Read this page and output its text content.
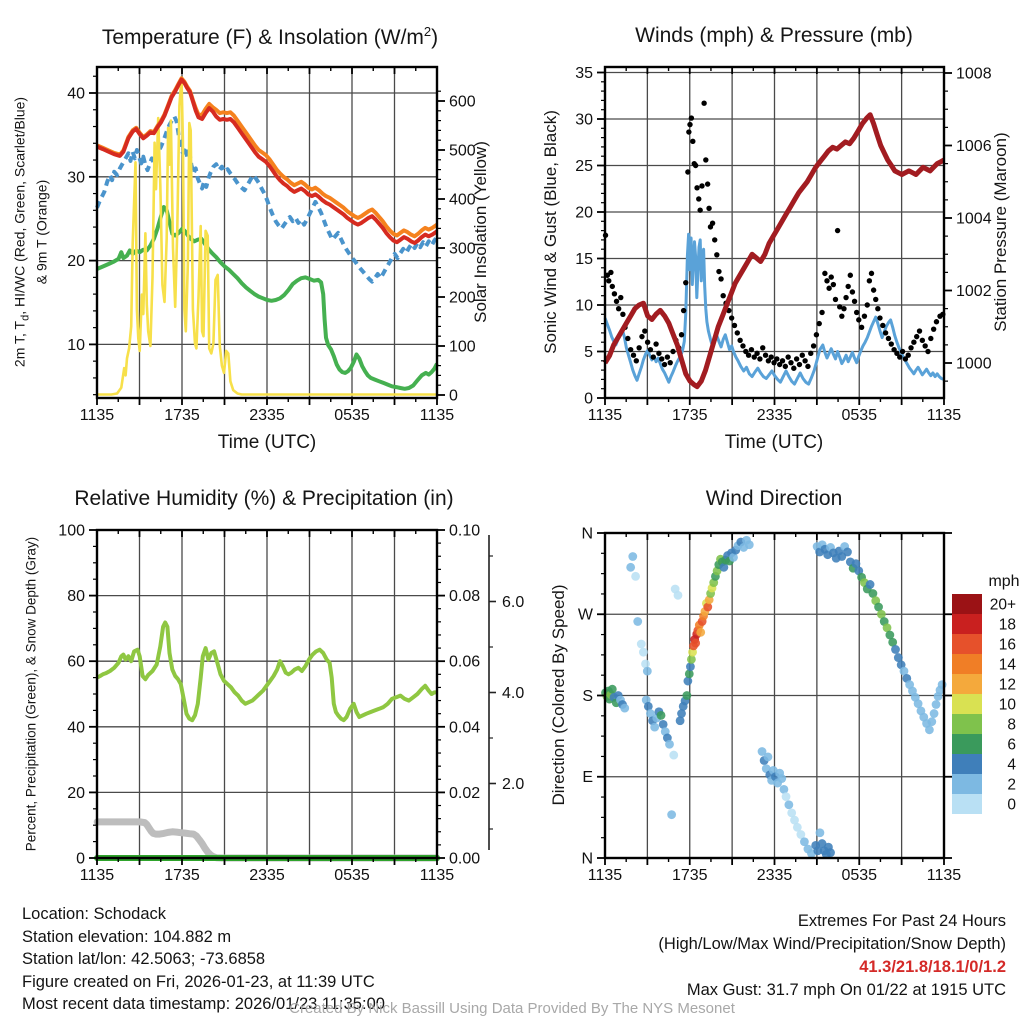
1135	1735	2335	0535	1135
10
20
30
40
0
100
200
300
400
500
600
1135	1735	2335	0535	1135
0
5
10
15
20
25
30
35
1000
1002
1004
1006
1008
1135	1735	2335	0535	1135
0
20
40
60
80
100
0.00
0.02
0.04
0.06
0.08
0.10
2.0
4.0
6.0
1135	1735	2335	0535	1135
N
W
S
E
N
mph
20+
18
16
14
12
10
8
6
4
2
0
Temperature (F) & Insolation $(W/m^2)$	Winds (mph) & Pressure (mb)
Relative Humidity (%) & Precipitation (in)	Wind Direction
2m T, $T_d$, HI/WC (Red, Green, Scarlet/Blue) & 9m T (Orange)	Solar Insolation (Yellow)	Sonic Wind & Gust (Blue, Black)	Station Pressure (Maroon)
Percent, Precipitation (Green), & Snow Depth (Gray)	Direction (Colored By Speed)
Time (UTC)	Time (UTC)
Location: Schodack
Station elevation: 104.882 m
Station lat/lon: 42.5063; -73.6858
Figure created on Fri, 2026-01-23, at 11:39 UTC
Most recent data timestamp: 2026/01/23 11:35:00
Extremes For Past 24 Hours
(High/Low/Max Wind/Precipitation/Snow Depth)
41.3/21.8/18.1/0/1.2
Max Gust: 31.7 mph On 01/22 at 1915 UTC
Created By Nick Bassill Using Data Provided By The NYS Mesonet
